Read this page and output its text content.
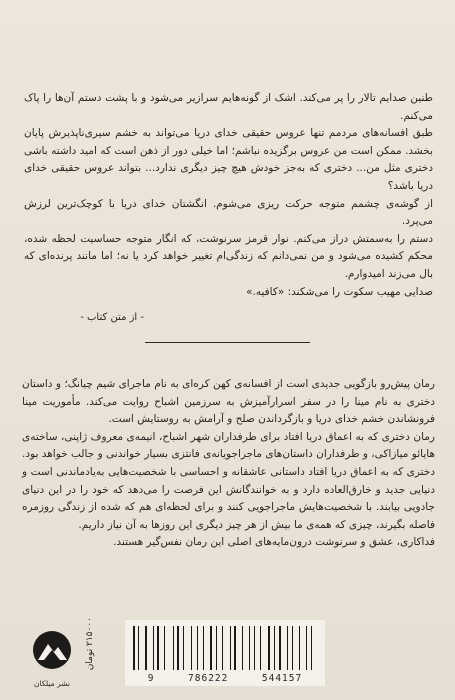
طنین صدایم تالار را پر می‌کند. اشک از گونه‌هایم سرازیر می‌شود و با پشت دستم آن‌ها را پاک می‌کنم.

طبق افسانه‌های مردمم تنها عروس حقیقی خدای دریا می‌تواند به خشم سیری‌ناپذیرش پایان بخشد. ممکن است من عروس برگزیده نباشم؛ اما خیلی دور از ذهن است که امید داشته باشی دختری مثل من... دختری که به‌جز خودش هیچ چیز دیگری ندارد... بتواند عروس حقیقی خدای دریا باشد؟

از گوشه‌ی چشمم متوجه حرکت ریزی می‌شوم. انگشتان خدای دریا با کوچک‌ترین لرزش می‌پرد.

دستم را به‌سمتش دراز می‌کنم. نوار قرمز سرنوشت، که انگار متوجه حساسیت لحظه شده، محکم کشیده می‌شود و من نمی‌دانم که زندگی‌ام تغییر خواهد کرد یا نه؛ اما مانند پرنده‌ای که بال می‌زند امیدوارم.

صدایی مهیب سکوت را می‌شکند: «کافیه.»

- از متن کتاب -

رمان پیش‌رو بازگویی جدیدی است از افسانه‌ی کهن کره‌ای به نام ماجرای شیم چیانگ؛ و داستان دختری به نام مینا را در سفر اسرارآمیزش به سرزمین اشباح روایت می‌کند. مأموریت مینا فرونشاندن خشم خدای دریا و بازگرداندن صلح و آرامش به روستایش است.

رمان دختری که به اعماق دریا افتاد برای طرفداران شهر اشباح، انیمه‌ی معروف ژاپنی، ساخته‌ی هایائو میازاکی، و طرفداران داستان‌های ماجراجویانه‌ی فانتزی بسیار خواندنی و جالب خواهد بود. دختری که به اعماق دریا افتاد داستانی عاشقانه و احساسی با شخصیت‌هایی به‌یادماندنی است و دنیایی جدید و خارق‌العاده دارد و به خوانندگانش این فرصت را می‌دهد که خود را در این دنیای جادویی بیابند. با شخصیت‌هایش ماجراجویی کنند و برای لحظه‌ای هم که شده از زندگی روزمره فاصله بگیرند، چیزی که همه‌ی ما بیش از هر چیز دیگری این روزها به آن نیاز داریم.

فداکاری، عشق و سرنوشت درون‌مایه‌های اصلی این رمان نفس‌گیر هستند.

نشر میلکان
۲۱۵۰۰۰ تومان
9	786222	544157
